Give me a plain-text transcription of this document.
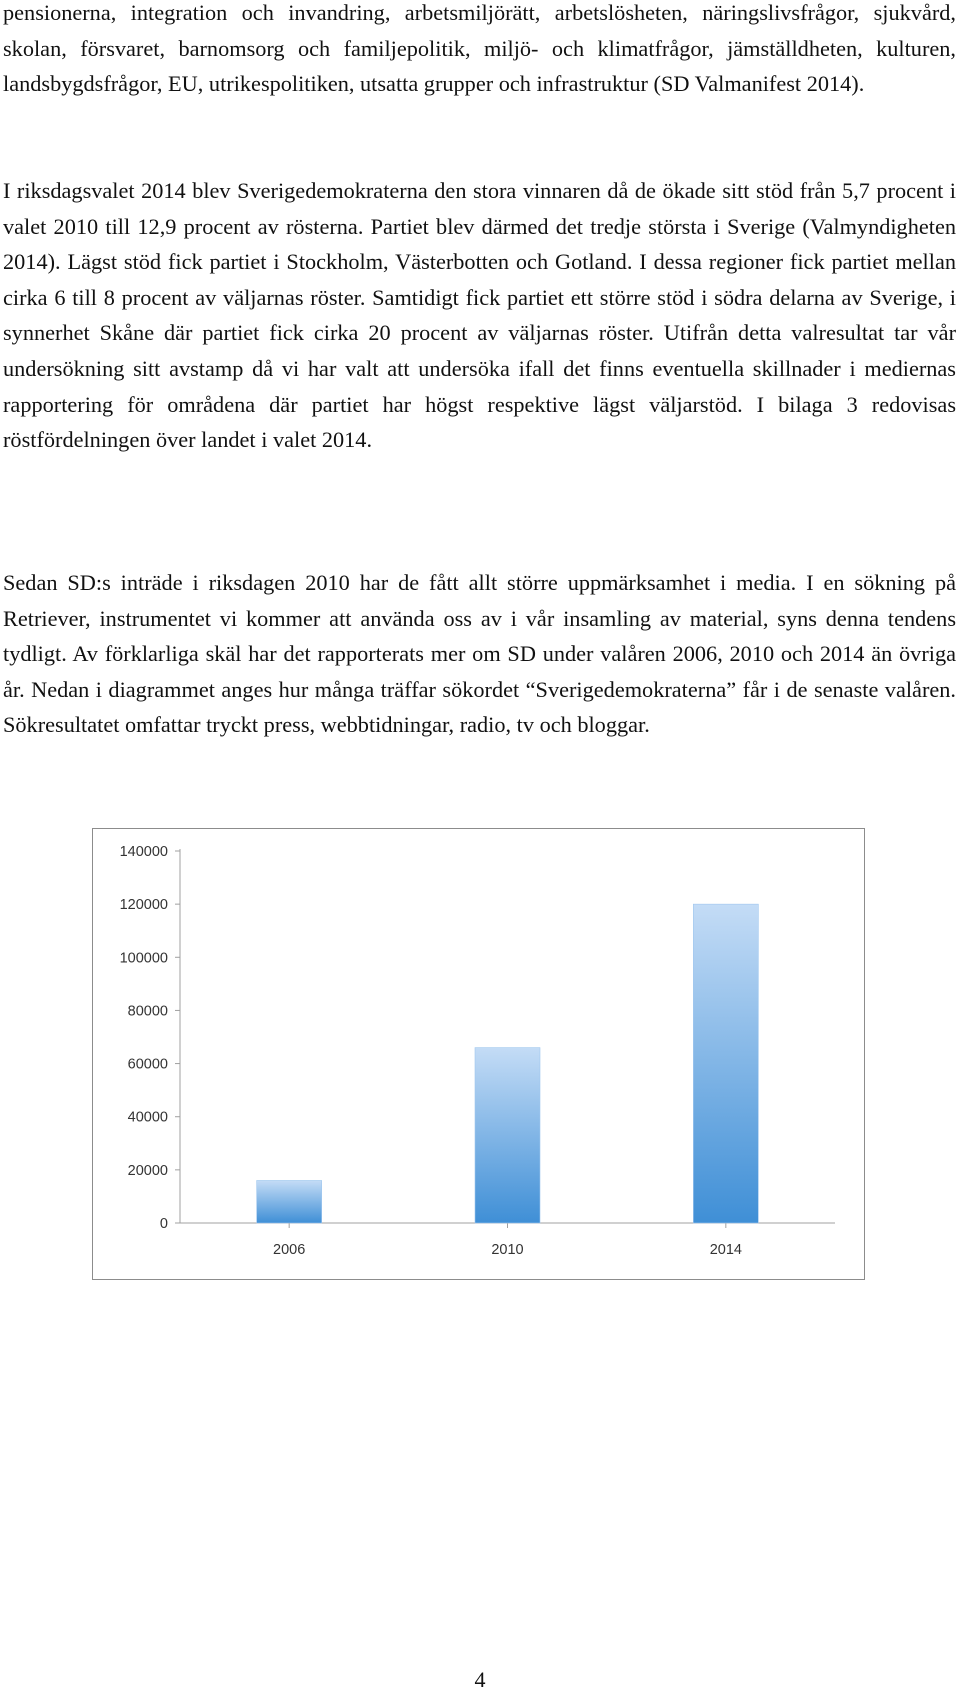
pensionerna, integration och invandring, arbetsmiljörätt, arbetslösheten, näringslivsfrågor, sjukvård, skolan, försvaret, barnomsorg och familjepolitik, miljö- och klimatfrågor, jämställdheten, kulturen, landsbygdsfrågor, EU, utrikespolitiken, utsatta grupper och infrastruktur (SD Valmanifest 2014).

I riksdagsvalet 2014 blev Sverigedemokraterna den stora vinnaren då de ökade sitt stöd från 5,7 procent i valet 2010 till 12,9 procent av rösterna. Partiet blev därmed det tredje största i Sverige (Valmyndigheten 2014). Lägst stöd fick partiet i Stockholm, Västerbotten och Gotland. I dessa regioner fick partiet mellan cirka 6 till 8 procent av väljarnas röster. Samtidigt fick partiet ett större stöd i södra delarna av Sverige, i synnerhet Skåne där partiet fick cirka 20 procent av väljarnas röster. Utifrån detta valresultat tar vår undersökning sitt avstamp då vi har valt att undersöka ifall det finns eventuella skillnader i mediernas rapportering för områdena där partiet har högst respektive lägst väljarstöd. I bilaga 3 redovisas röstfördelningen över landet i valet 2014.

Sedan SD:s inträde i riksdagen 2010 har de fått allt större uppmärksamhet i media. I en sökning på Retriever, instrumentet vi kommer att använda oss av i vår insamling av material, syns denna tendens tydligt. Av förklarliga skäl har det rapporterats mer om SD under valåren 2006, 2010 och 2014 än övriga år. Nedan i diagrammet anges hur många träffar sökordet “Sverigedemokraterna” får i de senaste valåren. Sökresultatet omfattar tryckt press, webbtidningar, radio, tv och bloggar.

0
20000
40000
60000
80000
100000
120000
140000
2006	2010	2014
4
